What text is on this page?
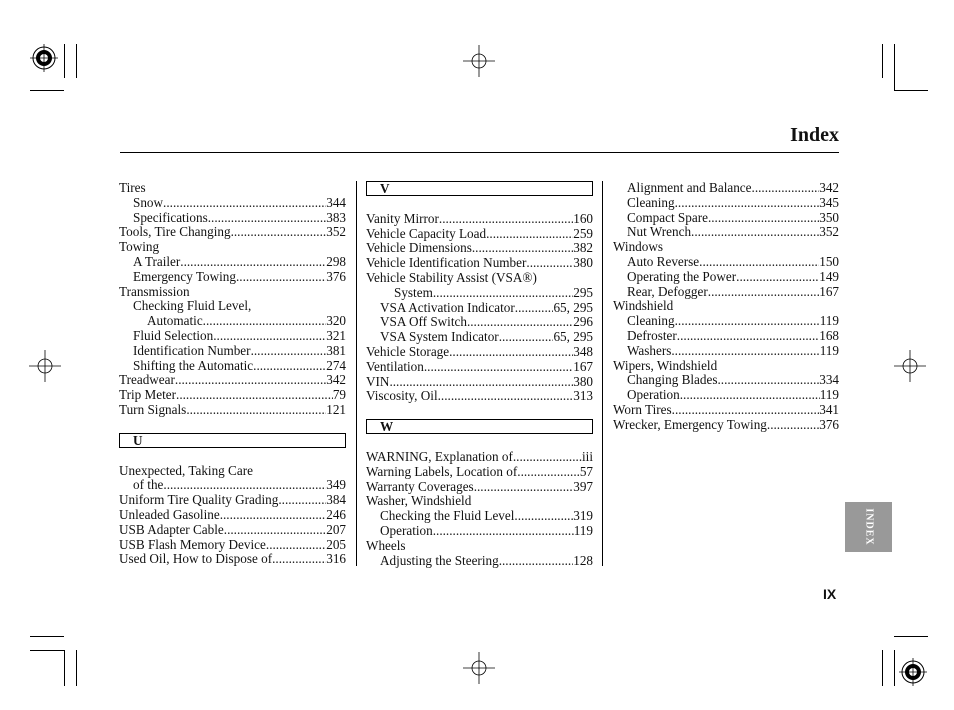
Index
Tires
Snow .....	344
Specifications .....	383
Tools, Tire Changing .....	352
Towing
A Trailer .....	298
Emergency Towing .....	376
Transmission
Checking Fluid Level,
Automatic .....	320
Fluid Selection .....	321
Identification Number .....	381
Shifting the Automatic .....	274
Treadwear .....	342
Trip Meter .....	79
Turn Signals .....	121
U
Unexpected, Taking Care
of the .....	349
Uniform Tire Quality Grading .....	384
Unleaded Gasoline .....	246
USB Adapter Cable .....	207
USB Flash Memory Device .....	205
Used Oil, How to Dispose of .....	316
V
Vanity Mirror .....	160
Vehicle Capacity Load .....	259
Vehicle Dimensions .....	382
Vehicle Identification Number .....	380
Vehicle Stability Assist (VSA®)
System .....	295
VSA Activation Indicator .....	65, 295
VSA Off Switch .....	296
VSA System Indicator .....	65, 295
Vehicle Storage .....	348
Ventilation .....	167
VIN .....	380
Viscosity, Oil .....	313
W
WARNING, Explanation of .....	iii
Warning Labels, Location of .....	57
Warranty Coverages .....	397
Washer, Windshield
Checking the Fluid Level .....	319
Operation .....	119
Wheels
Adjusting the Steering .....	128
Alignment and Balance .....	342
Cleaning .....	345
Compact Spare .....	350
Nut Wrench .....	352
Windows
Auto Reverse .....	150
Operating the Power .....	149
Rear, Defogger .....	167
Windshield
Cleaning .....	119
Defroster .....	168
Washers .....	119
Wipers, Windshield
Changing Blades .....	334
Operation .....	119
Worn Tires .....	341
Wrecker, Emergency Towing .....	376
INDEX
IX
